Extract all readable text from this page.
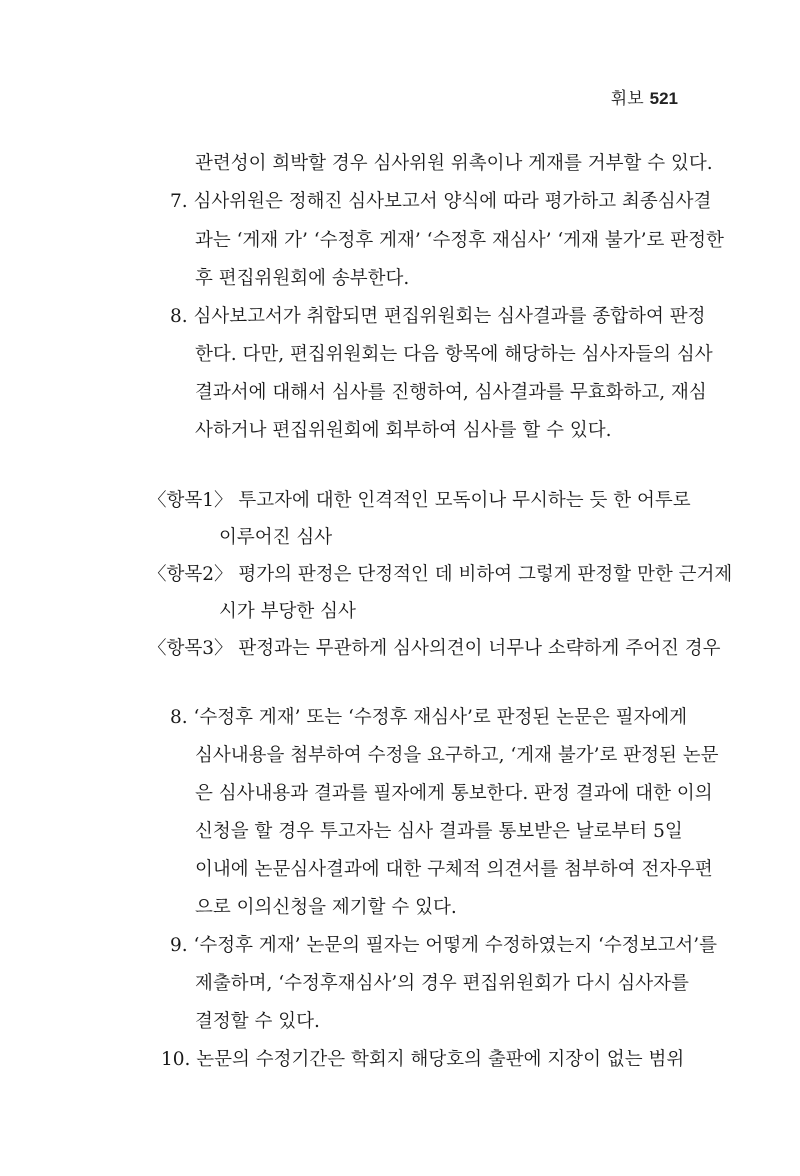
휘보 521
관련성이 희박할 경우 심사위원 위촉이나 게재를 거부할 수 있다.
7. 심사위원은 정해진 심사보고서 양식에 따라 평가하고 최종심사결
과는 ‘게재 가’ ‘수정후 게재’ ‘수정후 재심사’ ‘게재 불가’로 판정한
후 편집위원회에 송부한다.
8. 심사보고서가 취합되면 편집위원회는 심사결과를 종합하여 판정
한다. 다만, 편집위원회는 다음 항목에 해당하는 심사자들의 심사
결과서에 대해서 심사를 진행하여, 심사결과를 무효화하고, 재심
사하거나 편집위원회에 회부하여 심사를 할 수 있다.
〈항목1〉 투고자에 대한 인격적인 모독이나 무시하는 듯 한 어투로
이루어진 심사
〈항목2〉 평가의 판정은 단정적인 데 비하여 그렇게 판정할 만한 근거제
시가 부당한 심사
〈항목3〉 판정과는 무관하게 심사의견이 너무나 소략하게 주어진 경우
8. ‘수정후 게재’ 또는 ‘수정후 재심사’로 판정된 논문은 필자에게
심사내용을 첨부하여 수정을 요구하고, ‘게재 불가’로 판정된 논문
은 심사내용과 결과를 필자에게 통보한다. 판정 결과에 대한 이의
신청을 할 경우 투고자는 심사 결과를 통보받은 날로부터 5일
이내에 논문심사결과에 대한 구체적 의견서를 첨부하여 전자우편
으로 이의신청을 제기할 수 있다.
9. ‘수정후 게재’ 논문의 필자는 어떻게 수정하였는지 ‘수정보고서’를
제출하며, ‘수정후재심사’의 경우 편집위원회가 다시 심사자를
결정할 수 있다.
10. 논문의 수정기간은 학회지 해당호의 출판에 지장이 없는 범위
